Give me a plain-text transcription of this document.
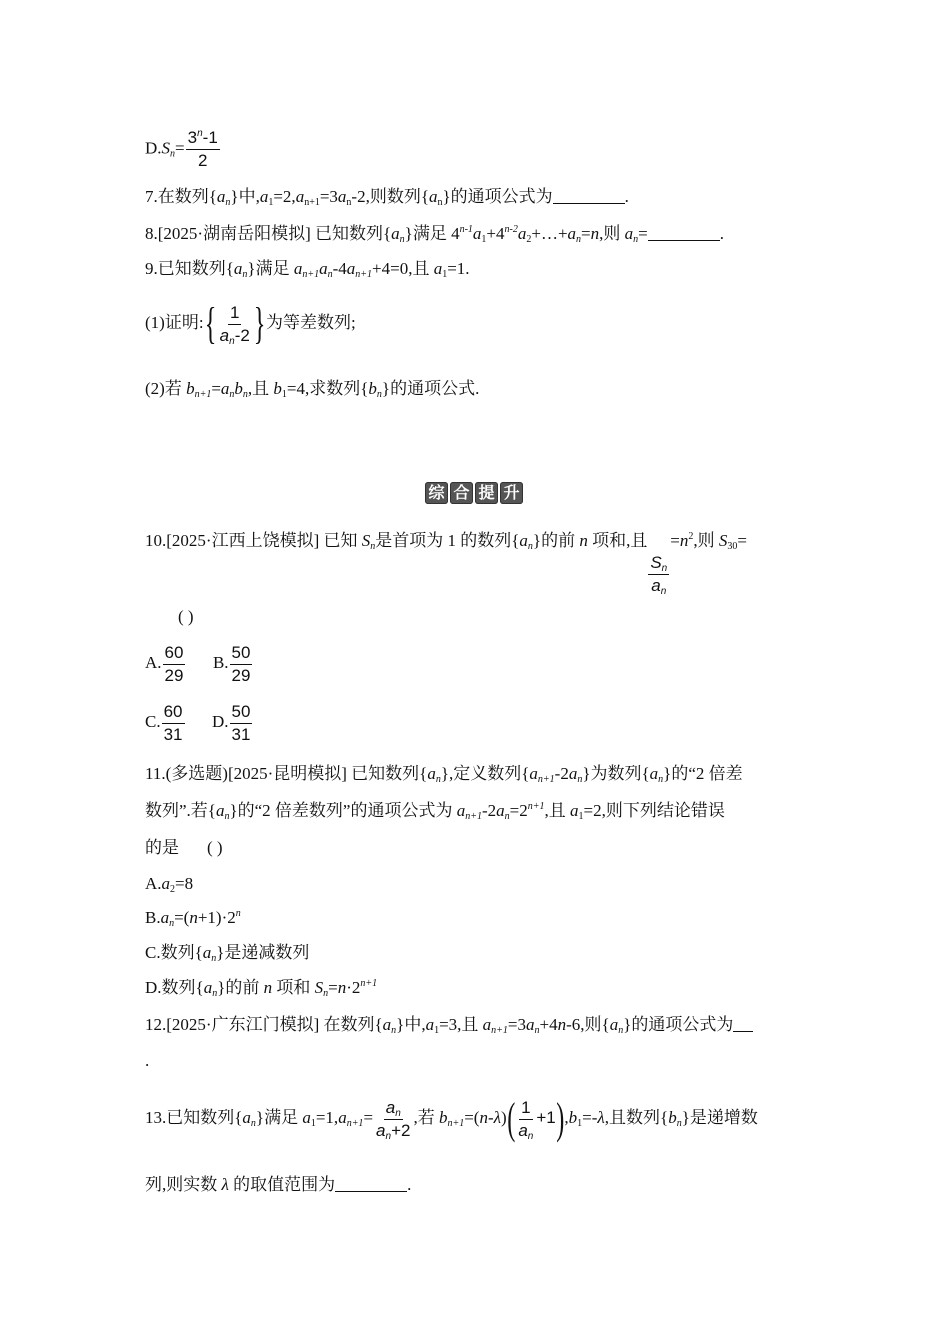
$D.S_n= \frac{3^n-1}{2}$
7.在数列$\{a_n\}$中$,a_1=2,a_{n+1}=3a_n-2$,则数列$\{a_n\}$的通项公式为	.
8.[2025·湖南岳阳模拟] 已知数列$\{a_n\}$满足 $4^{n-1}a_1+4^{n-2}a_2+\dots+a_n=n$,则 $a_n=$	.
9.已知数列$\{a_n\}$满足 $a_{n+1}a_n-4a_{n+1}+4=0$,且 $a_1=1$.
(1)证明:{ $\frac{1}{a_n-2}$ }为等差数列;
(2)若 $b_{n+1}=a_nb_n$,且 $b_1=4$,求数列$\{b_n\}$的通项公式.
综 合 提 升
10.[2025·江西上饶模拟] 已知 $S_n$是首项为 1 的数列$\{a_n\}$的前 n 项和,且
$\frac{S_n}{a_n}$
$=n^2$,则 $S_{30}=$
( )
A. $\frac{60}{29} B$. $\frac{50}{29}$
C. $\frac{60}{31} D$. $\frac{50}{31}$
11.(多选题)[2025·昆明模拟] 已知数列$\{a_n\}$,定义数列$\{a_{n+1}-2a_n\}$为数列$\{a_n\}$的“2 倍差
数列”.若$\{a_n\}$的“2 倍差数列”的通项公式为 $a_{n+1}-2a_n=2^{n+1}$,且 $a_1=2$,则下列结论错误
的是 ( )
$A.a_2=8$
$B.a_n=(n+1)\cdot 2^n$
C.数列$\{a_n\}$是递减数列
D.数列$\{a_n\}$的前 n 项和 $S_n=n\cdot 2^{n+1}$
12.[2025·广东江门模拟] 在数列$\{a_n\}$中$,a_1=3$,且 $a_{n+1}=3a_n+4n-6$,则$\{a_n\}$的通项公式为
.
13.已知数列$\{a_n\}$满足 $a_1=1,a_{n+1}= \frac{a_n}{a_n+2}$ ,若 $b_{n+1}=(n-\lambda)( \frac{1}{a_n} +1),b_1=-\lambda$,且数列$\{b_n\}$是递增数
列,则实数 λ 的取值范围为	.
